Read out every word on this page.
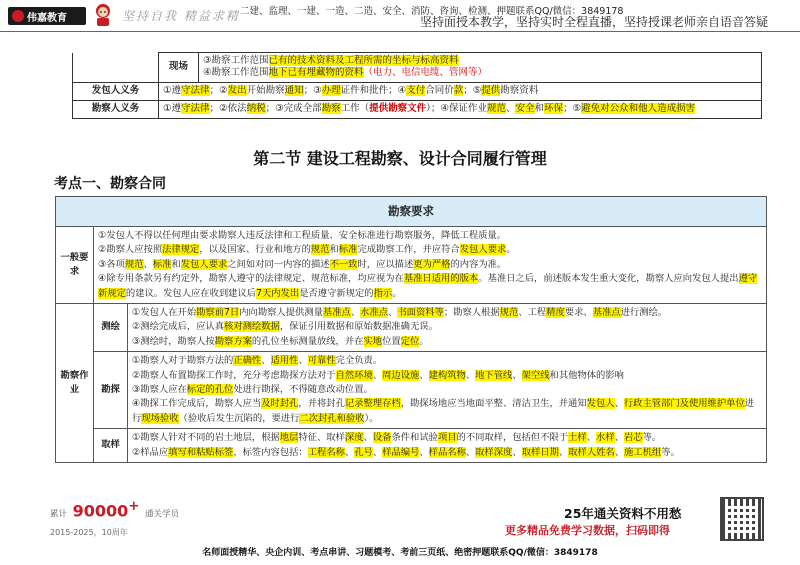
伟嘉教育	坚持自我 精益求精 二建、监理、一建、一造、二造、安全、消防、咨询、检测、押题联系QQ/微信：3849178
坚持面授本教学，坚持实时全程直播，坚持授课老师亲自语音答疑
	现场	③勘察工作范围已有的技术资料及工程所需的坐标与标高资料

④勘察工作范围地下已有埋藏物的资料（电力、电信电缆、管网等）

发包人义务	①遵守法律；②发出开始勘察通知；③办理证件和批件；④支付合同价款；⑤提供勘察资料	

勘察人义务	①遵守法律；②依法纳税；③完成全部勘察工作（提供勘察文件）；④保证作业规范、安全和环保；⑤避免对公众和他人造成损害	

第二节 建设工程勘察、设计合同履行管理
考点一、勘察合同
勘察要求		
一般要求	①发包人不得以任何理由要求勘察人违反法律和工程质量、安全标准进行勘察服务，降低工程质量。

②勘察人应按照法律规定，以及国家、行业和地方的规范和标准完成勘察工作，并应符合发包人要求。

③各项规范、标准和发包人要求之间如对同一内容的描述不一致时，应以描述更为严格的内容为准。

④除专用条款另有约定外，勘察人遵守的法律规定、规范标准，均应视为在基准日适用的版本。基准日之后，前述版本发生重大变化，勘察人应向发包人提出遵守新规定的建议。发包人应在收到建议后7天内发出是否遵守新规定的指示。	

勘察作业	测绘	①发包人在开始勘察前7日内向勘察人提供测量基准点、水准点、书面资料等；勘察人根据规范、工程精度要求、基准点进行测绘。

②测绘完成后，应认真核对测绘数据，保证引用数据和原始数据准确无误。

③测绘时，勘察人按勘察方案的孔位坐标测量放线，并在实地位置定位。

	勘探	①勘察人对于勘察方法的正确性、适用性、可靠性完全负责。

②勘察人布置勘探工作时，充分考虑勘探方法对于自然环境、周边设施、建构筑物、地下管线、架空线和其他物体的影响

③勘察人应在标定的孔位处进行勘探，不得随意改动位置。

④勘探工作完成后，勘察人应当及时封孔，并将封孔记录整理存档，勘探场地应当地面平整、清洁卫生，并通知发包人、行政主管部门及使用维护单位进行现场验收（验收后发生沉陷的，要进行二次封孔和验收）。

	取样	①勘察人针对不同的岩土地层，根据地层特征、取样深度、设备条件和试验项目的不同取样，包括但不限于土样、水样、岩芯等。

②样品应填写和粘贴标签，标签内容包括：工程名称、孔号、样品编号、样品名称、取样深度、取样日期、取样人姓名、施工机组等。

累计 90000+ 通关学员
2015-2025，10周年
25年通关资料不用愁
更多精品免费学习数据，扫码即得
名师面授精华、央企内训、考点串讲、习题模考、考前三页纸、绝密押题联系QQ/微信：3849178
